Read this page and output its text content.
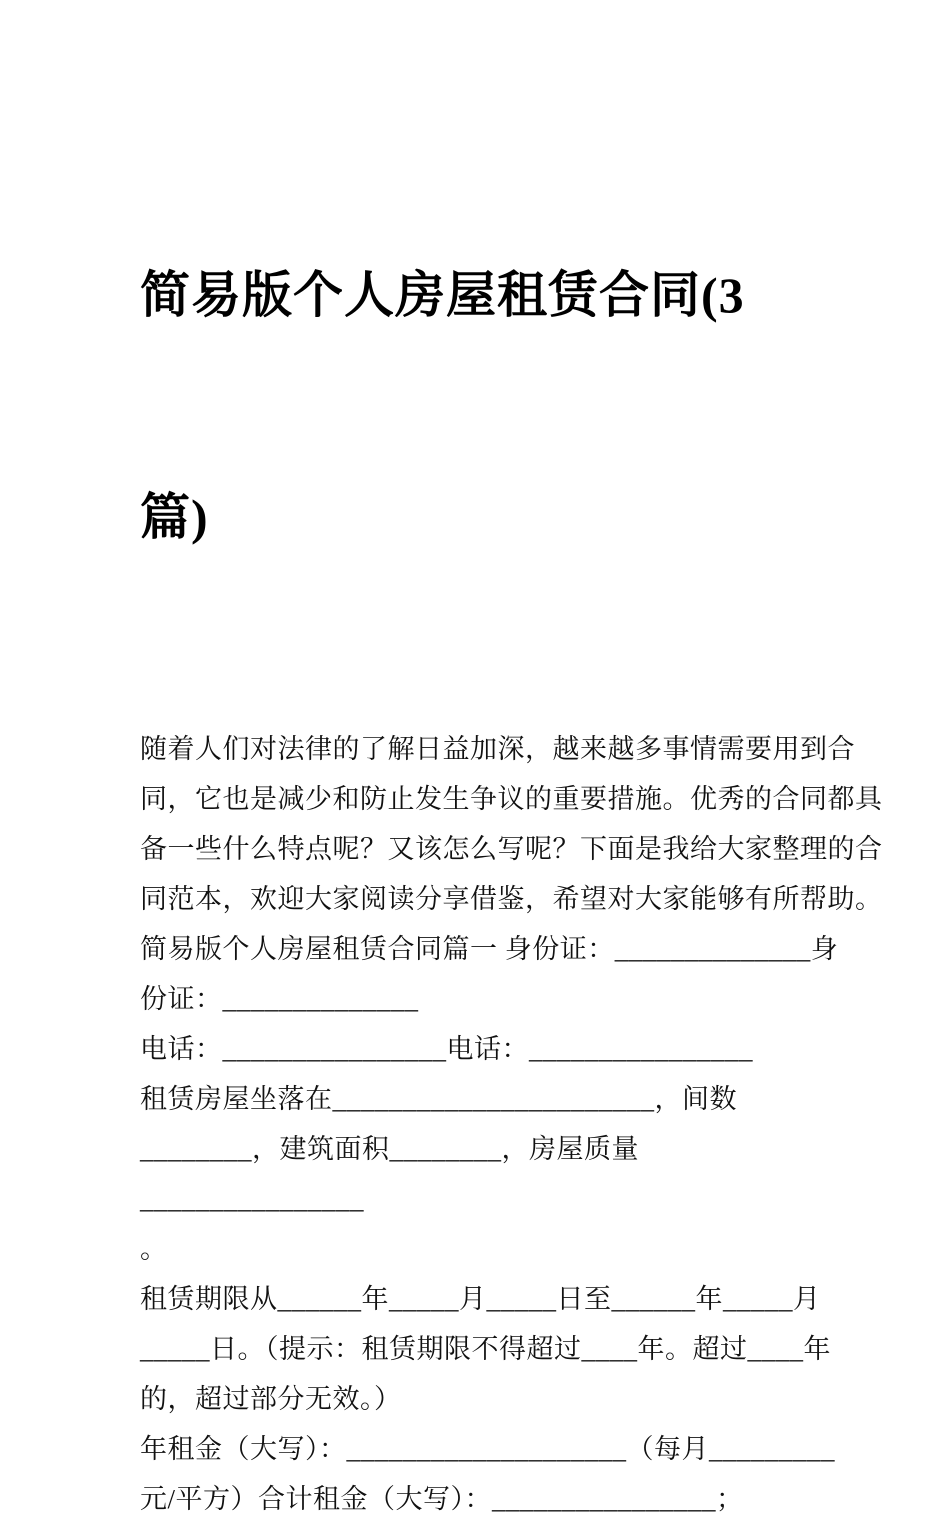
简易版个人房屋租赁合同(3

篇)

随着人们对法律的了解日益加深，越来越多事情需要用到合
同，它也是减少和防止发生争议的重要措施。优秀的合同都具
备一些什么特点呢？又该怎么写呢？下面是我给大家整理的合
同范本，欢迎大家阅读分享借鉴，希望对大家能够有所帮助。
简易版个人房屋租赁合同篇一 身份证：______________身
份证：______________
电话：________________电话：________________
租赁房屋坐落在_______________________，间数
________，建筑面积________，房屋质量
________________
。
租赁期限从______年_____月_____日至______年_____月
_____日。（提示：租赁期限不得超过____年。超过____年
的，超过部分无效。）
年租金（大写）：____________________（每月_________
元/平方）合计租金（大写）：________________；
